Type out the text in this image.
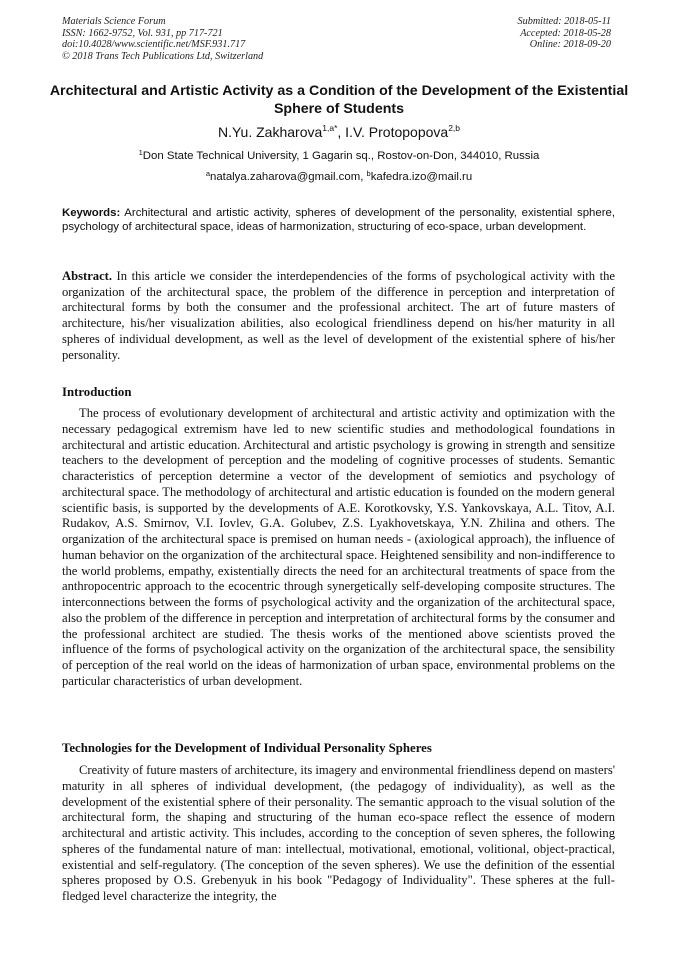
Materials Science Forum
ISSN: 1662-9752, Vol. 931, pp 717-721
doi:10.4028/www.scientific.net/MSF.931.717
© 2018 Trans Tech Publications Ltd, Switzerland
Submitted: 2018-05-11
Accepted: 2018-05-28
Online: 2018-09-20
Architectural and Artistic Activity as a Condition of the Development of the Existential Sphere of Students
N.Yu. Zakharova$^{1,a*}$, I.V. Protopopova$^{2,b}$
$^1$Don State Technical University, 1 Gagarin sq., Rostov-on-Don, 344010, Russia
$^a$natalya.zaharova@gmail.com, $^b$kafedra.izo@mail.ru
Keywords: Architectural and artistic activity, spheres of development of the personality, existential sphere, psychology of architectural space, ideas of harmonization, structuring of eco-space, urban development.
Abstract. In this article we consider the interdependencies of the forms of psychological activity with the organization of the architectural space, the problem of the difference in perception and interpretation of architectural forms by both the consumer and the professional architect. The art of future masters of architecture, his/her visualization abilities, also ecological friendliness depend on his/her maturity in all spheres of individual development, as well as the level of development of the existential sphere of his/her personality.
Introduction

The process of evolutionary development of architectural and artistic activity and optimization with the necessary pedagogical extremism have led to new scientific studies and methodological foundations in architectural and artistic education. Architectural and artistic psychology is growing in strength and sensitize teachers to the development of perception and the modeling of cognitive processes of students. Semantic characteristics of perception determine a vector of the development of semiotics and psychology of architectural space. The methodology of architectural and artistic education is founded on the modern general scientific basis, is supported by the developments of A.E. Korotkovsky, Y.S. Yankovskaya, A.L. Titov, A.I. Rudakov, A.S. Smirnov, V.I. Iovlev, G.A. Golubev, Z.S. Lyakhovetskaya, Y.N. Zhilina and others. The organization of the architectural space is premised on human needs - (axiological approach), the influence of human behavior on the organization of the architectural space. Heightened sensibility and non-indifference to the world problems, empathy, existentially directs the need for an architectural treatments of space from the anthropocentric approach to the ecocentric through synergetically self-developing composite structures. The interconnections between the forms of psychological activity and the organization of the architectural space, also the problem of the difference in perception and interpretation of architectural forms by the consumer and the professional architect are studied. The thesis works of the mentioned above scientists proved the influence of the forms of psychological activity on the organization of the architectural space, the sensibility of perception of the real world on the ideas of harmonization of urban space, environmental problems on the particular characteristics of urban development.

Technologies for the Development of Individual Personality Spheres

Creativity of future masters of architecture, its imagery and environmental friendliness depend on masters' maturity in all spheres of individual development, (the pedagogy of individuality), as well as the development of the existential sphere of their personality. The semantic approach to the visual solution of the architectural form, the shaping and structuring of the human eco-space reflect the essence of modern architectural and artistic activity. This includes, according to the conception of seven spheres, the following spheres of the fundamental nature of man: intellectual, motivational, emotional, volitional, object-practical, existential and self-regulatory. (The conception of the seven spheres). We use the definition of the essential spheres proposed by O.S. Grebenyuk in his book "Pedagogy of Individuality". These spheres at the full-fledged level characterize the integrity, the
